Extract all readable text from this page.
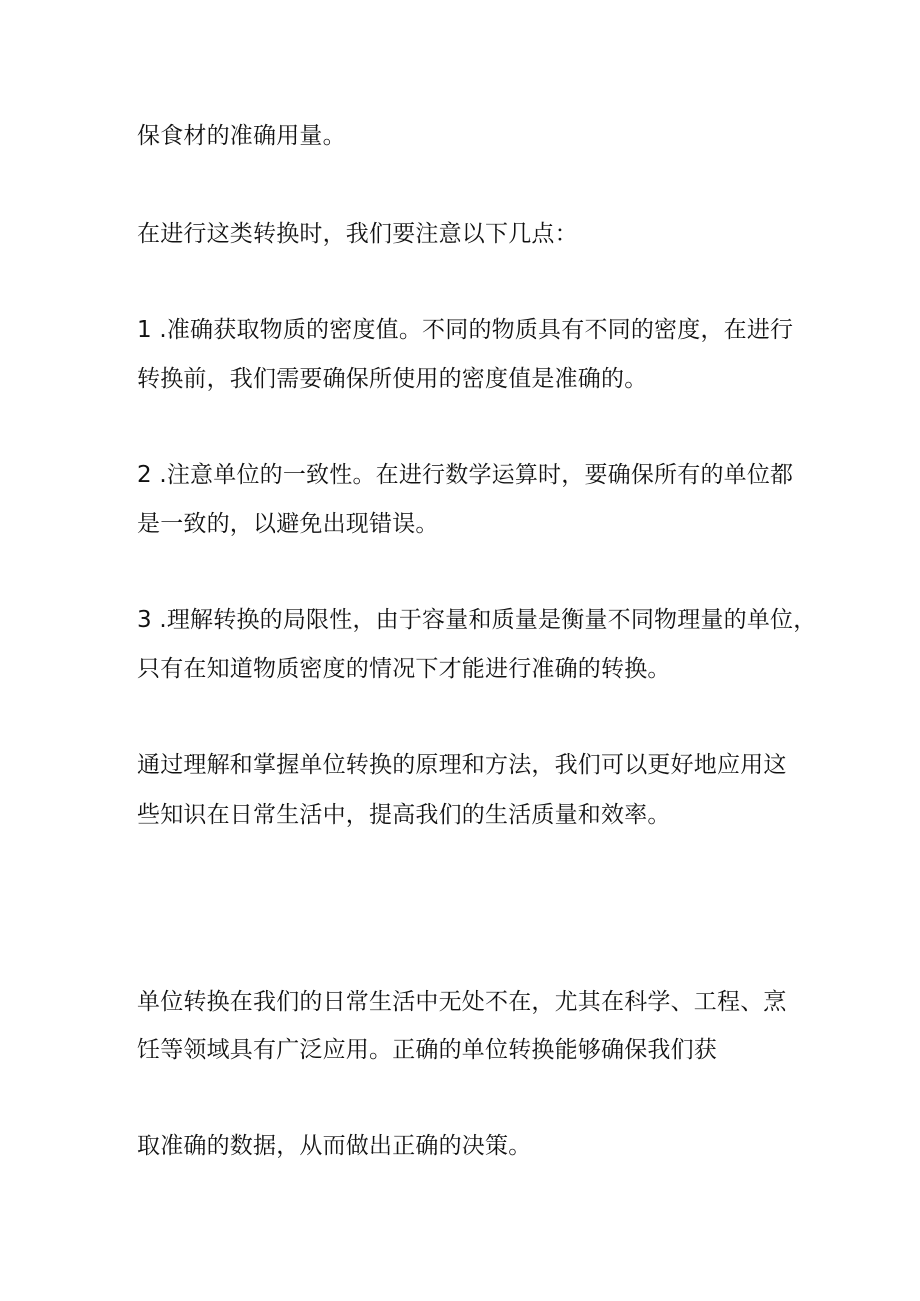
保食材的准确用量。
在进行这类转换时，我们要注意以下几点：
1 .准确获取物质的密度值。不同的物质具有不同的密度，在进行
转换前，我们需要确保所使用的密度值是准确的。
2 .注意单位的一致性。在进行数学运算时，要确保所有的单位都
是一致的，以避免出现错误。
3 .理解转换的局限性，由于容量和质量是衡量不同物理量的单位，
只有在知道物质密度的情况下才能进行准确的转换。
通过理解和掌握单位转换的原理和方法，我们可以更好地应用这
些知识在日常生活中，提高我们的生活质量和效率。
单位转换在我们的日常生活中无处不在，尤其在科学、工程、烹
饪等领域具有广泛应用。正确的单位转换能够确保我们获
取准确的数据，从而做出正确的决策。
